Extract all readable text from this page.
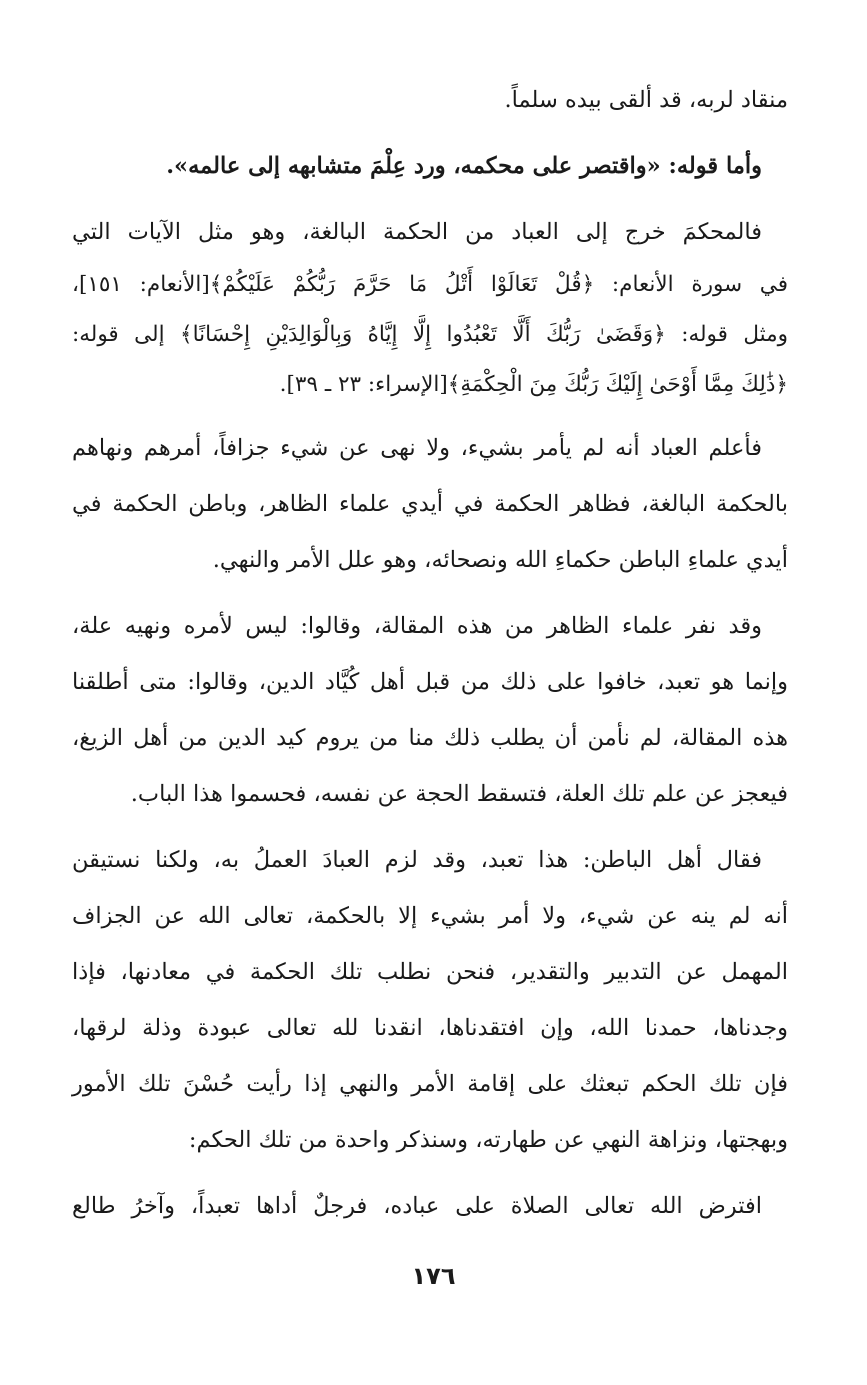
منقاد لربه، قد ألقى بيده سلماً.
وأما قوله: «واقتصر على محكمه، ورد عِلْمَ متشابهه إلى عالمه».
فالمحكمَ خرج إلى العباد من الحكمة البالغة، وهو مثل الآيات التي
في سورة الأنعام: ﴿قُلْ تَعَالَوْا أَتْلُ مَا حَرَّمَ رَبُّكُمْ عَلَيْكُمْ﴾[الأنعام: ١٥١]،
ومثل قوله: ﴿وَقَضَىٰ رَبُّكَ أَلَّا تَعْبُدُوا إِلَّا إِيَّاهُ وَبِالْوَالِدَيْنِ إِحْسَانًا﴾ إلى قوله:
﴿ذَٰلِكَ مِمَّا أَوْحَىٰ إِلَيْكَ رَبُّكَ مِنَ الْحِكْمَةِ﴾[الإسراء: ٢٣ ـ ٣٩].
فأعلم العباد أنه لم يأمر بشيء، ولا نهى عن شيء جزافاً، أمرهم ونهاهم
بالحكمة البالغة، فظاهر الحكمة في أيدي علماء الظاهر، وباطن الحكمة في
أيدي علماءِ الباطن حكماءِ الله ونصحائه، وهو علل الأمر والنهي.
وقد نفر علماء الظاهر من هذه المقالة، وقالوا: ليس لأمره ونهيه علة،
وإنما هو تعبد، خافوا على ذلك من قبل أهل كُيَّاد الدين، وقالوا: متى أطلقنا
هذه المقالة، لم نأمن أن يطلب ذلك منا من يروم كيد الدين من أهل الزيغ،
فيعجز عن علم تلك العلة، فتسقط الحجة عن نفسه، فحسموا هذا الباب.
فقال أهل الباطن: هذا تعبد، وقد لزم العبادَ العملُ به، ولكنا نستيقن
أنه لم ينه عن شيء، ولا أمر بشيء إلا بالحكمة، تعالى الله عن الجزاف
المهمل عن التدبير والتقدير، فنحن نطلب تلك الحكمة في معادنها، فإذا
وجدناها، حمدنا الله، وإن افتقدناها، انقدنا لله تعالى عبودة وذلة لرقها،
فإن تلك الحكم تبعثك على إقامة الأمر والنهي إذا رأيت حُسْنَ تلك الأمور
وبهجتها، ونزاهة النهي عن طهارته، وسنذكر واحدة من تلك الحكم:
افترض الله تعالى الصلاة على عباده، فرجلٌ أداها تعبداً، وآخرُ طالع
١٧٦
